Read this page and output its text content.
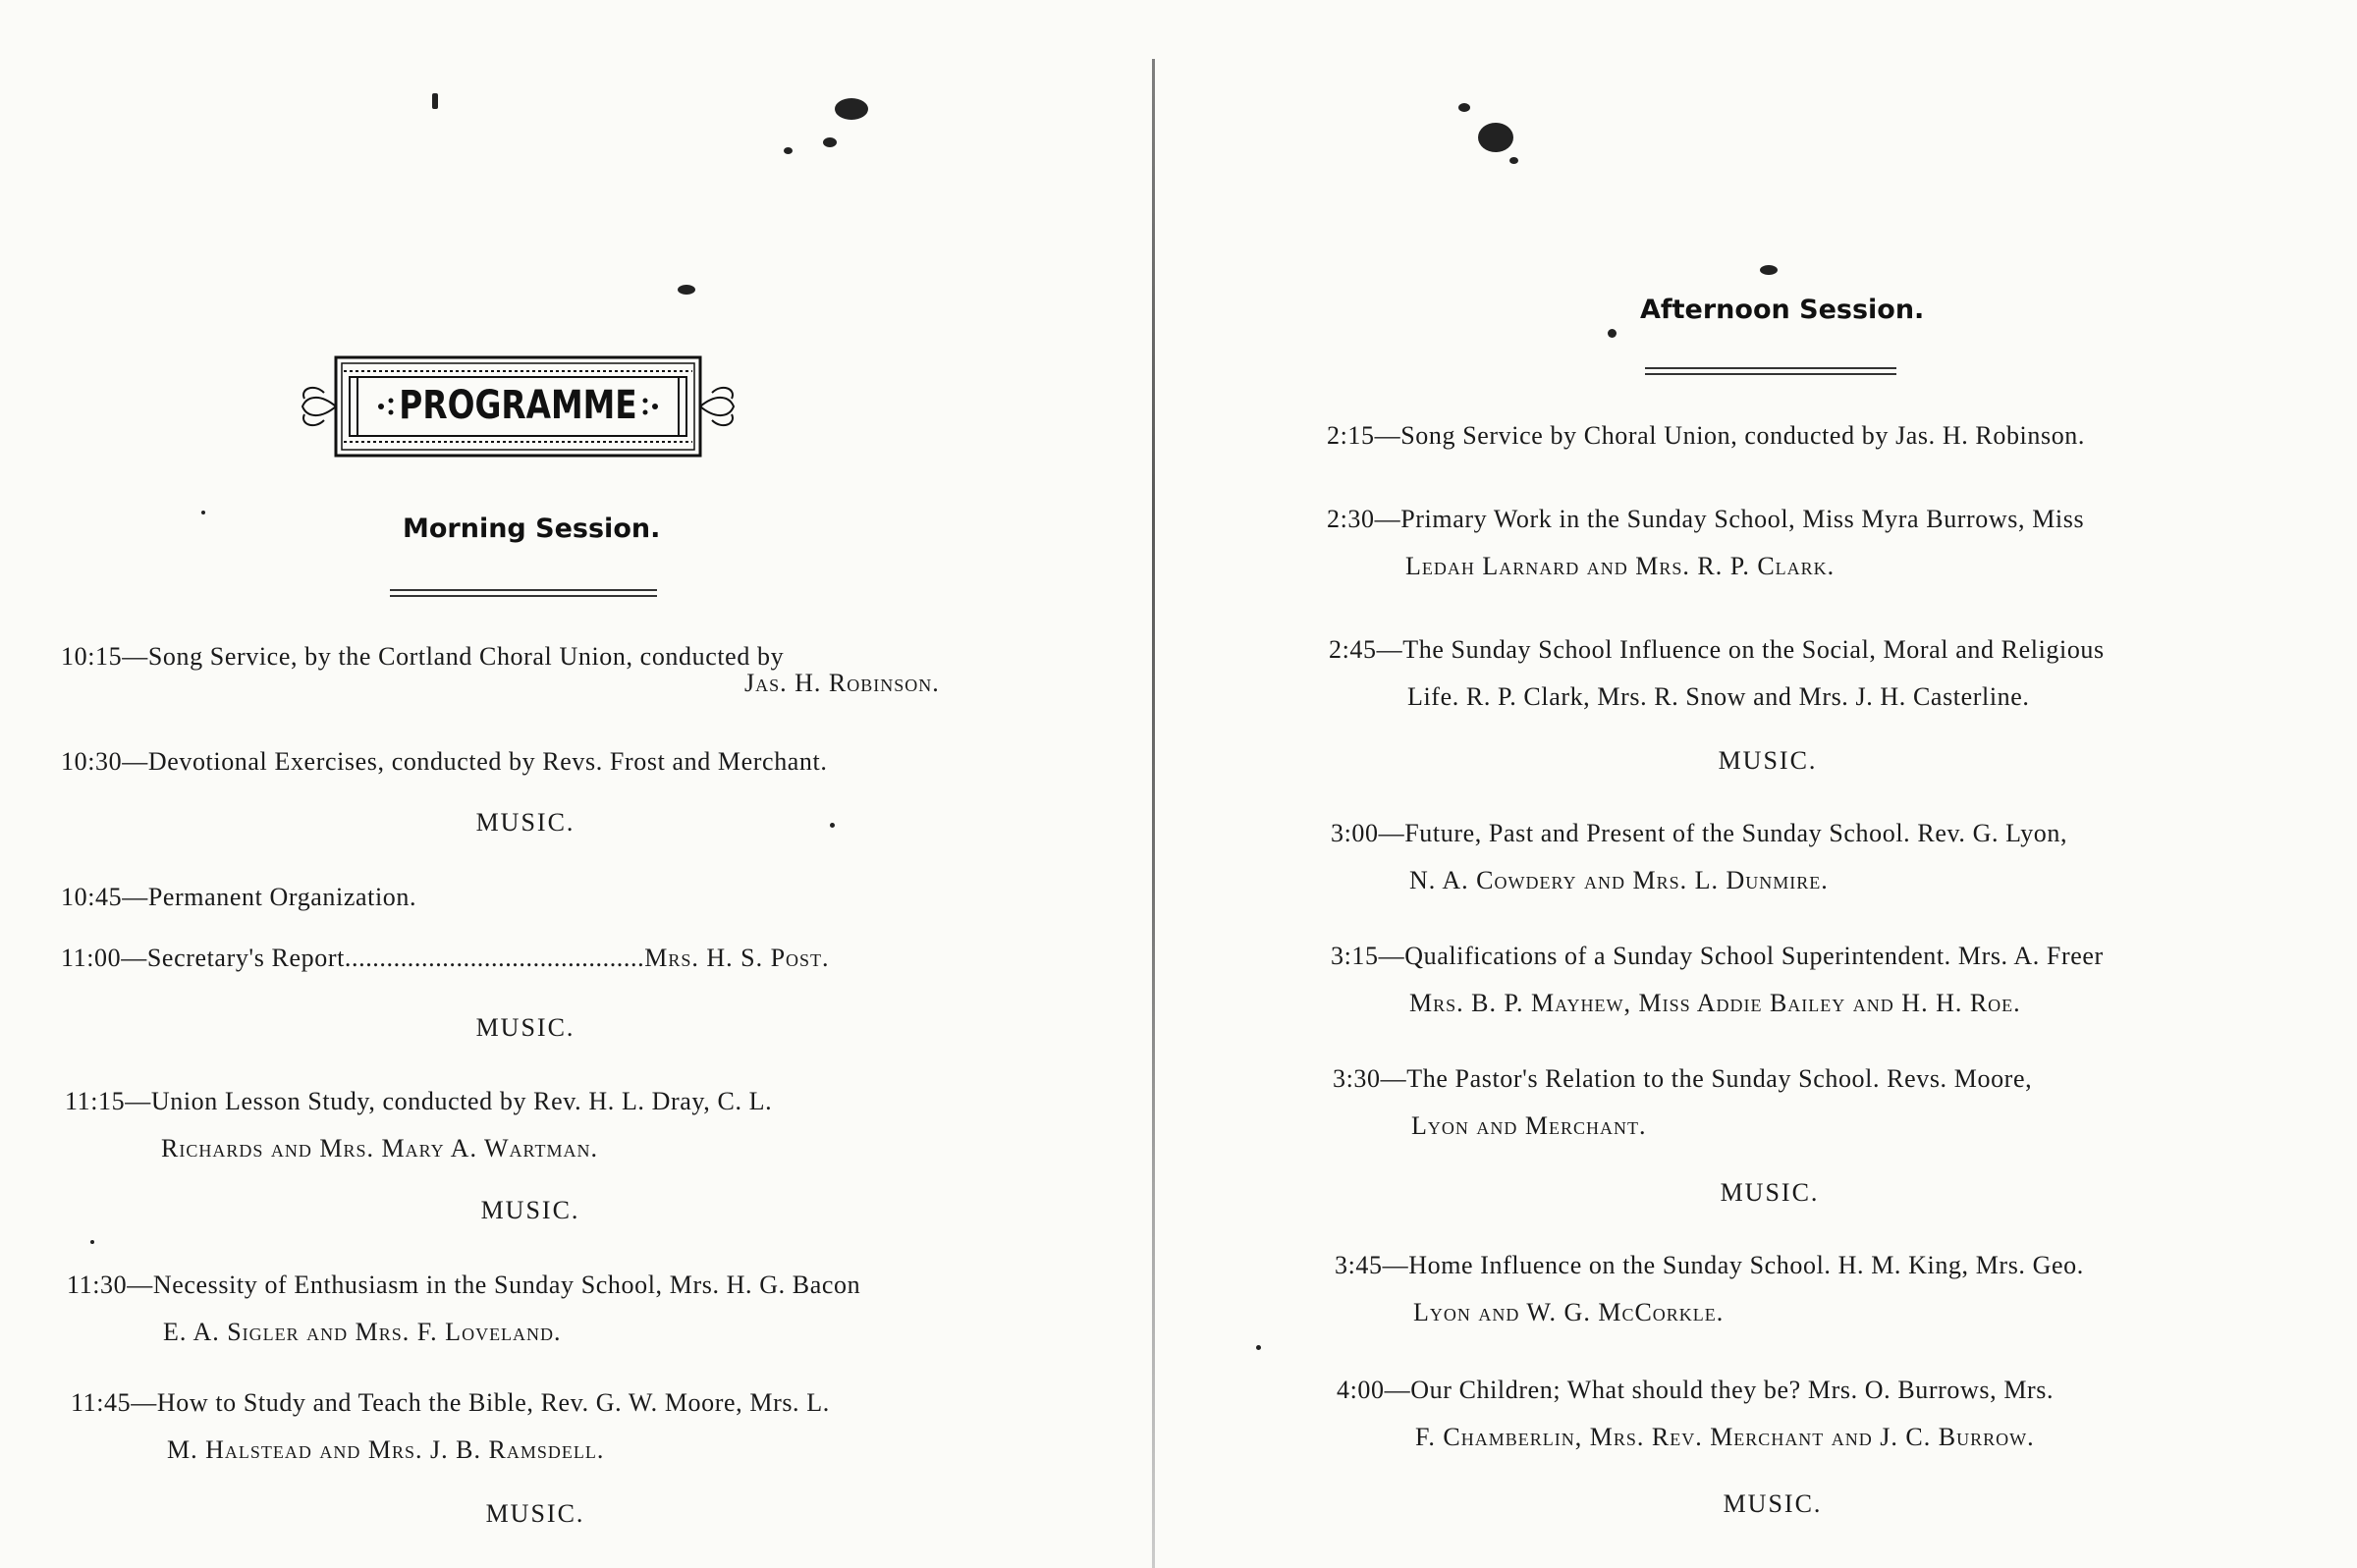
PROGRAMME
Morning Session.
10:15—Song Service, by the Cortland Choral Union, conducted by
Jas. H. Robinson.
10:30—Devotional Exercises, conducted by Revs. Frost and Merchant.
MUSIC.
10:45—Permanent Organization.
11:00—Secretary's Report...........................................Mrs. H. S. Post.
MUSIC.
11:15—Union Lesson Study, conducted by Rev. H. L. Dray, C. L.
Richards and Mrs. Mary A. Wartman.
MUSIC.
11:30—Necessity of Enthusiasm in the Sunday School, Mrs. H. G. Bacon
E. A. Sigler and Mrs. F. Loveland.
11:45—How to Study and Teach the Bible, Rev. G. W. Moore, Mrs. L.
M. Halstead and Mrs. J. B. Ramsdell.
MUSIC.
Afternoon Session.
2:15—Song Service by Choral Union, conducted by Jas. H. Robinson.
2:30—Primary Work in the Sunday School, Miss Myra Burrows, Miss
Ledah Larnard and Mrs. R. P. Clark.
2:45—The Sunday School Influence on the Social, Moral and Religious
Life. R. P. Clark, Mrs. R. Snow and Mrs. J. H. Casterline.
MUSIC.
3:00—Future, Past and Present of the Sunday School. Rev. G. Lyon,
N. A. Cowdery and Mrs. L. Dunmire.
3:15—Qualifications of a Sunday School Superintendent. Mrs. A. Freer
Mrs. B. P. Mayhew, Miss Addie Bailey and H. H. Roe.
3:30—The Pastor's Relation to the Sunday School. Revs. Moore,
Lyon and Merchant.
MUSIC.
3:45—Home Influence on the Sunday School. H. M. King, Mrs. Geo.
Lyon and W. G. McCorkle.
4:00—Our Children; What should they be? Mrs. O. Burrows, Mrs.
F. Chamberlin, Mrs. Rev. Merchant and J. C. Burrow.
MUSIC.
